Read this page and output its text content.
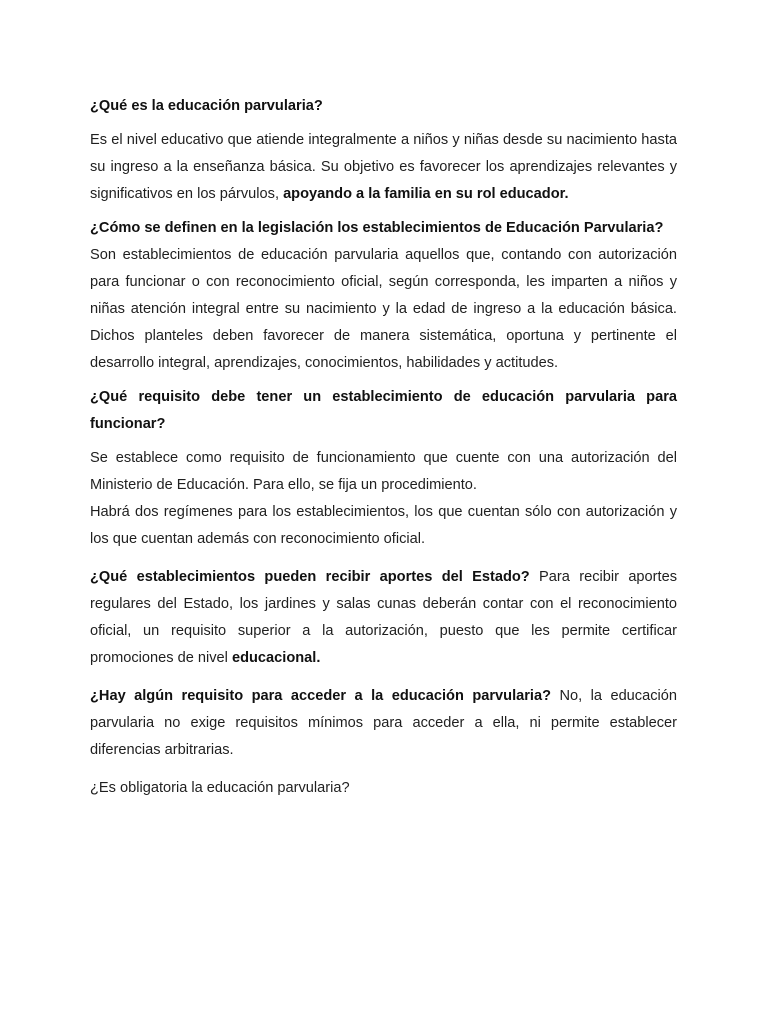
¿Qué es la educación parvularia?

Es el nivel educativo que atiende integralmente a niños y niñas desde su nacimiento hasta su ingreso a la enseñanza básica. Su objetivo es favorecer los aprendizajes relevantes y significativos en los párvulos, apoyando a la familia en su rol educador.

¿Cómo se definen en la legislación los establecimientos de Educación Parvularia?

Son establecimientos de educación parvularia aquellos que, contando con autorización para funcionar o con reconocimiento oficial, según corresponda, les imparten a niños y niñas atención integral entre su nacimiento y la edad de ingreso a la educación básica. Dichos planteles deben favorecer de manera sistemática, oportuna y pertinente el desarrollo integral, aprendizajes, conocimientos, habilidades y actitudes.

¿Qué requisito debe tener un establecimiento de educación parvularia para funcionar?

Se establece como requisito de funcionamiento que cuente con una autorización del Ministerio de Educación. Para ello, se fija un procedimiento.

Habrá dos regímenes para los establecimientos, los que cuentan sólo con autorización y los que cuentan además con reconocimiento oficial.

¿Qué establecimientos pueden recibir aportes del Estado? Para recibir aportes regulares del Estado, los jardines y salas cunas deberán contar con el reconocimiento oficial, un requisito superior a la autorización, puesto que les permite certificar promociones de nivel educacional.

¿Hay algún requisito para acceder a la educación parvularia? No, la educación parvularia no exige requisitos mínimos para acceder a ella, ni permite establecer diferencias arbitrarias.

¿Es obligatoria la educación parvularia?
